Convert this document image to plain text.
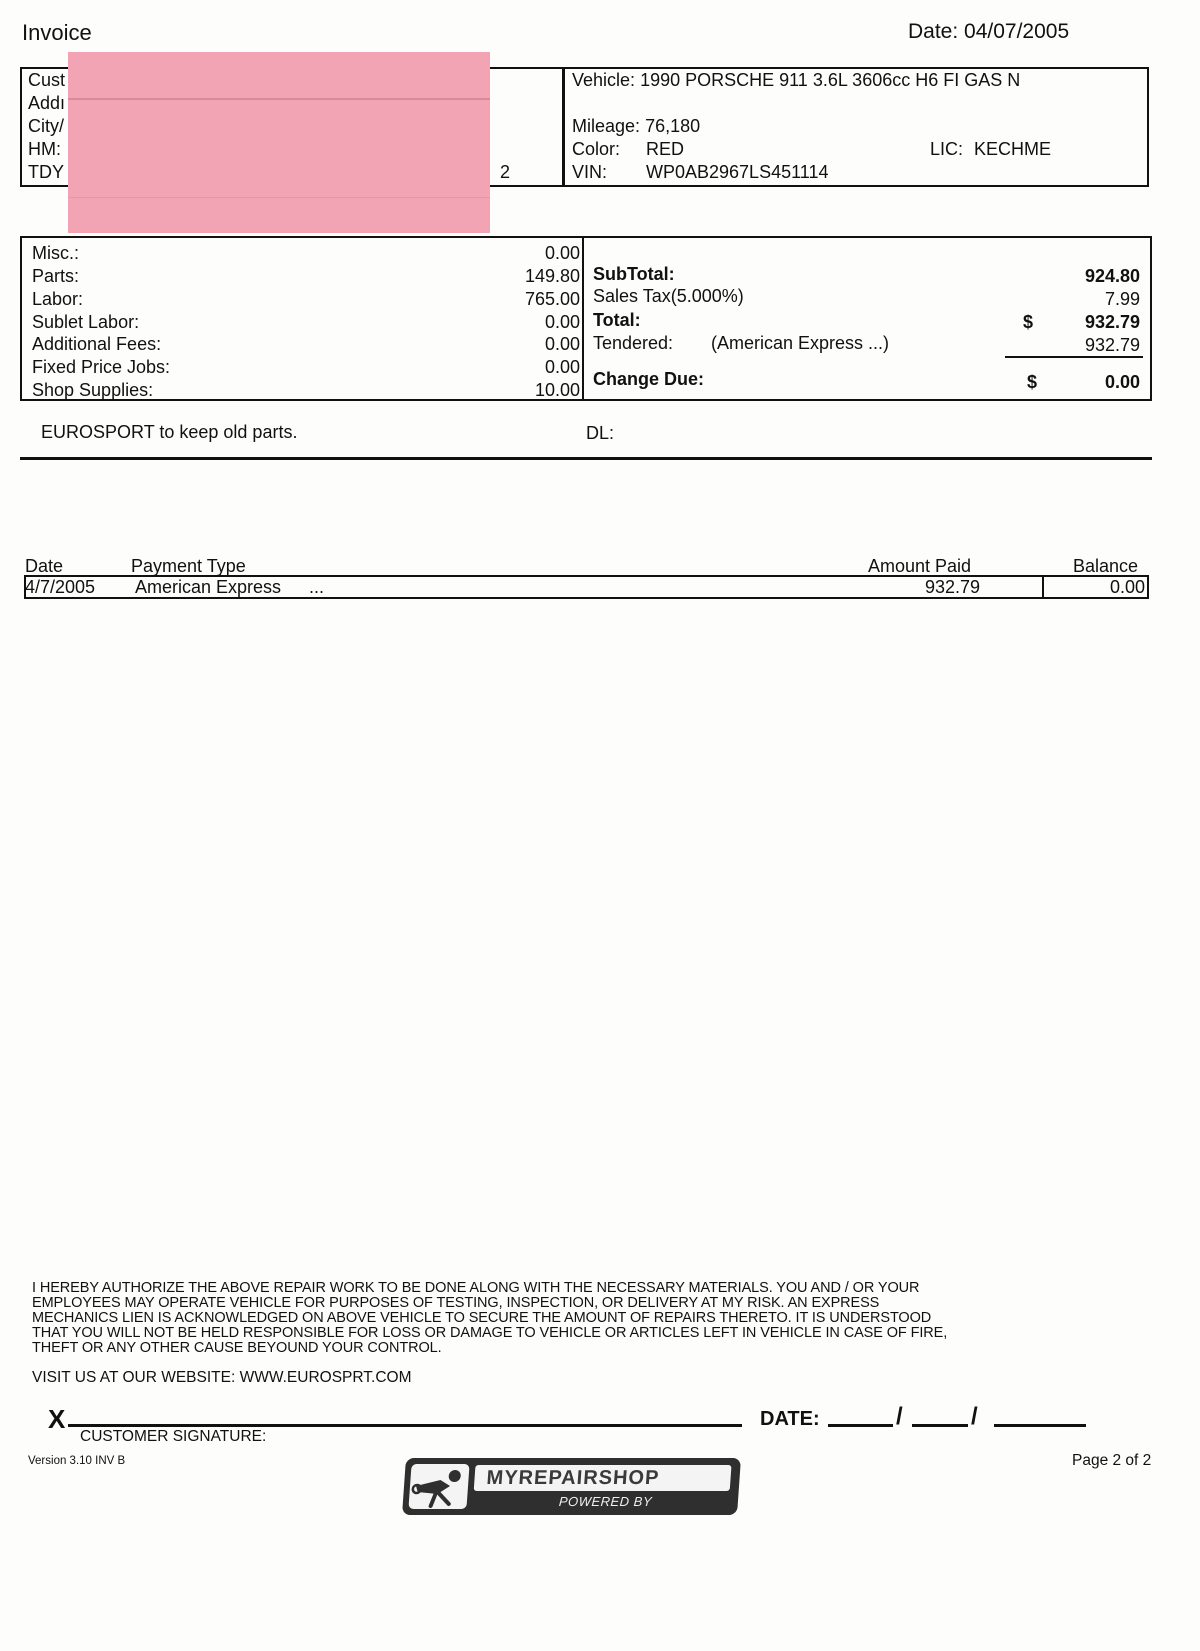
Invoice	Date: 04/07/2005
Cust
Addı
City/
HM:
TDY	2
Vehicle: 1990 PORSCHE 911 3.6L 3606cc H6 FI GAS N
Mileage: 76,180
Color: RED
VIN: WP0AB2967LS451114
LIC: KECHME
Misc.:	0.00
Parts:	149.80
Labor:	765.00
Sublet Labor:	0.00
Additional Fees:	0.00
Fixed Price Jobs:	0.00
Shop Supplies:	10.00
SubTotal:	924.80
Sales Tax(5.000%)	7.99
Total:	$	932.79
Tendered: (American Express ...)	932.79
Change Due:	$	0.00
EUROSPORT to keep old parts.	DL:
Date	Payment Type	Amount Paid	Balance
4/7/2005 American Express ...	932.79	0.00
I HEREBY AUTHORIZE THE ABOVE REPAIR WORK TO BE DONE ALONG WITH THE NECESSARY MATERIALS. YOU AND / OR YOUR
EMPLOYEES MAY OPERATE VEHICLE FOR PURPOSES OF TESTING, INSPECTION, OR DELIVERY AT MY RISK. AN EXPRESS
MECHANICS LIEN IS ACKNOWLEDGED ON ABOVE VEHICLE TO SECURE THE AMOUNT OF REPAIRS THERETO. IT IS UNDERSTOOD
THAT YOU WILL NOT BE HELD RESPONSIBLE FOR LOSS OR DAMAGE TO VEHICLE OR ARTICLES LEFT IN VEHICLE IN CASE OF FIRE,
THEFT OR ANY OTHER CAUSE BEYOUND YOUR CONTROL.
VISIT US AT OUR WEBSITE: WWW.EUROSPRT.COM
X
CUSTOMER SIGNATURE:
DATE:	/	/
Version 3.10 INV B	Page 2 of 2
MYREPAIRSHOP
POWERED BY
